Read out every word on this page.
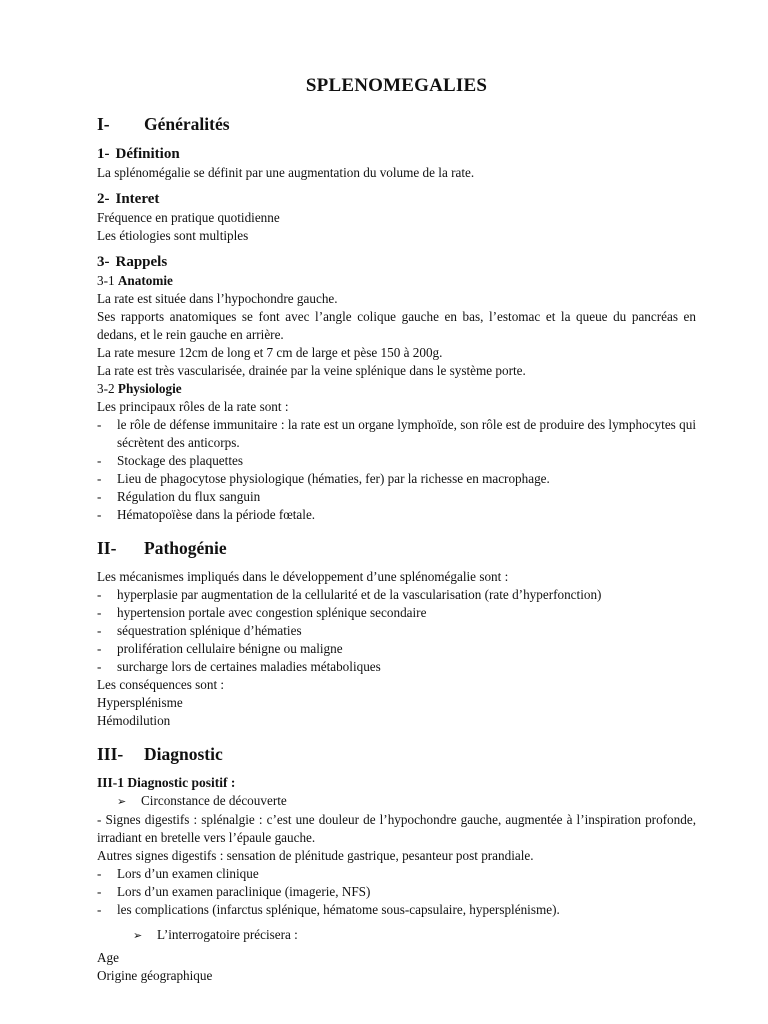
SPLENOMEGALIES
I-	Généralités
1- Définition

La splénomégalie se définit par une augmentation du volume de la rate.

2- Interet

Fréquence en pratique quotidienne

Les étiologies sont multiples

3- Rappels

3-1 Anatomie

La rate est située dans l’hypochondre gauche.

Ses rapports anatomiques se font avec l’angle colique gauche en bas, l’estomac et la queue du pancréas en dedans, et le rein gauche en arrière.

La rate mesure 12cm de long et 7 cm de large et pèse 150 à 200g.

La rate est très vascularisée, drainée par la veine splénique dans le système porte.

3-2 Physiologie

Les principaux rôles de la rate sont :

- le rôle de défense immunitaire : la rate est un organe lymphoïde, son rôle est de produire des lymphocytes qui sécrètent des anticorps.
- Stockage des plaquettes
- Lieu de phagocytose physiologique (hématies, fer) par la richesse en macrophage.
- Régulation du flux sanguin
- Hématopoïèse dans la période fœtale.
II-	Pathogénie

Les mécanismes impliqués dans le développement d’une splénomégalie sont :

- hyperplasie par augmentation de la cellularité et de la vascularisation (rate d’hyperfonction)
- hypertension portale avec congestion splénique secondaire
- séquestration splénique d’hématies
- prolifération cellulaire bénigne ou maligne
- surcharge lors de certaines maladies métaboliques

Les conséquences sont :

Hypersplénisme

Hémodilution

III-	Diagnostic

III-1 Diagnostic positif :

➢ Circonstance de découverte

- Signes digestifs : splénalgie : c’est une douleur de l’hypochondre gauche, augmentée à l’inspiration profonde, irradiant en bretelle vers l’épaule gauche.

Autres signes digestifs : sensation de plénitude gastrique, pesanteur post prandiale.

- Lors d’un examen clinique
- Lors d’un examen paraclinique (imagerie, NFS)
- les complications (infarctus splénique, hématome sous-capsulaire, hypersplénisme).

➢ L’interrogatoire précisera :

Age

Origine géographique
